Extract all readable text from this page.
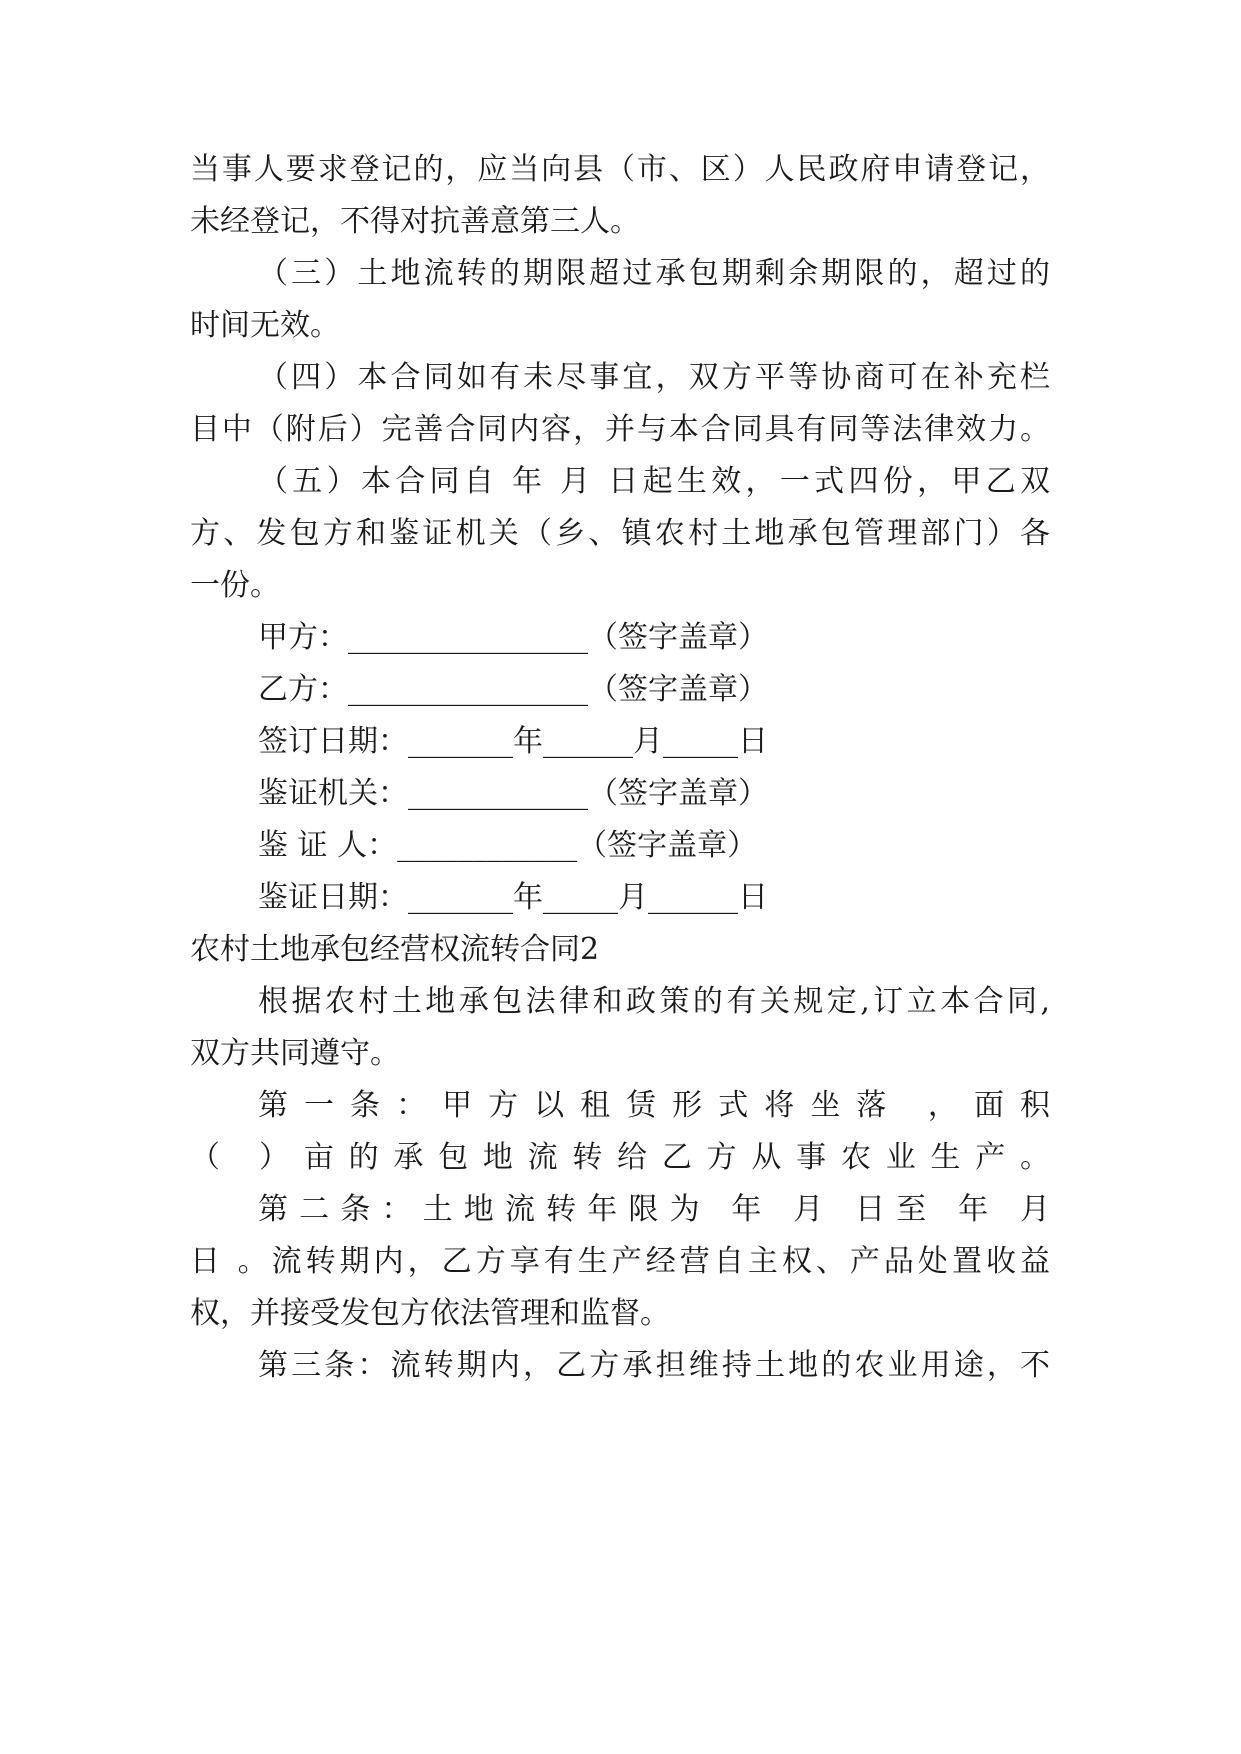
当事人要求登记的，应当向县（市、区）人民政府申请登记，
未经登记，不得对抗善意第三人。
（三）土地流转的期限超过承包期剩余期限的，超过的
时间无效。
（四）本合同如有未尽事宜，双方平等协商可在补充栏
目中（附后）完善合同内容，并与本合同具有同等法律效力。
（五）本合同自 年 月 日起生效，一式四份，甲乙双
方、发包方和鉴证机关（乡、镇农村土地承包管理部门）各
一份。
甲方：________________（签字盖章）
乙方：________________（签字盖章）
签订日期：_______年______月_____日
鉴证机关：____________（签字盖章）
鉴 证 人：____________（签字盖章）
鉴证日期：_______年_____月______日
农村土地承包经营权流转合同2
根据农村土地承包法律和政策的有关规定,订立本合同,
双方共同遵守。
第一条：甲方以租赁形式将坐落 ，面积
（ ）亩的承包地流转给乙方从事农业生产。
第二条：土地流转年限为 年 月 日至 年 月
日 。流转期内，乙方享有生产经营自主权、产品处置收益
权，并接受发包方依法管理和监督。
第三条：流转期内，乙方承担维持土地的农业用途，不
